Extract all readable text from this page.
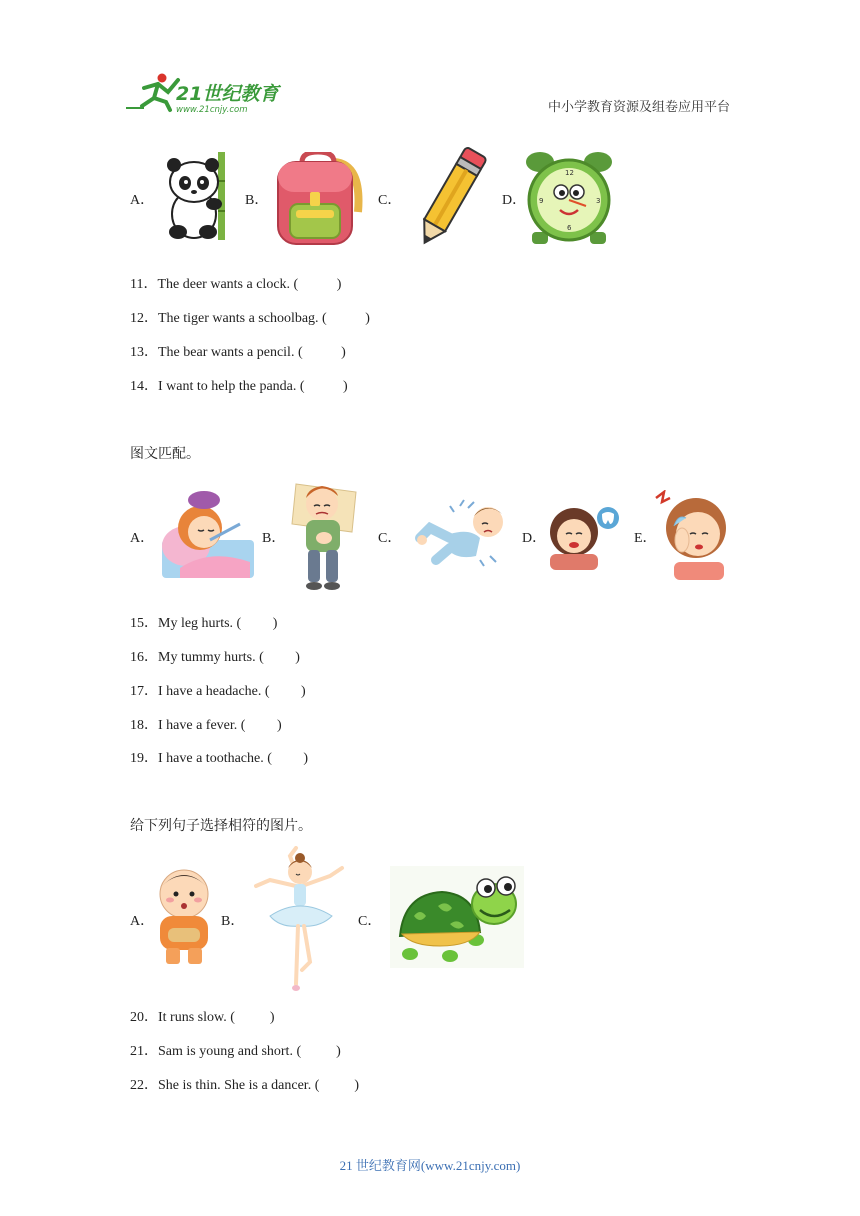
21世纪教育
www.21cnjy.com	中小学教育资源及组卷应用平台
A．	B．	C．	D．
12
3
6
9
11．The deer wants a clock. (           )
12．The tiger wants a schoolbag. (           )
13．The bear wants a pencil. (           )
14．I want to help the panda. (           )
图文匹配。
A．	B．	C．	D．	E．
15．My leg hurts. (         )
16．My tummy hurts. (         )
17．I have a headache. (         )
18．I have a fever. (         )
19．I have a toothache. (         )
给下列句子选择相符的图片。
A．	B．	C．
20．It runs slow. (          )
21．Sam is young and short. (          )
22．She is thin. She is a dancer. (          )
21 世纪教育网(www.21cnjy.com)
